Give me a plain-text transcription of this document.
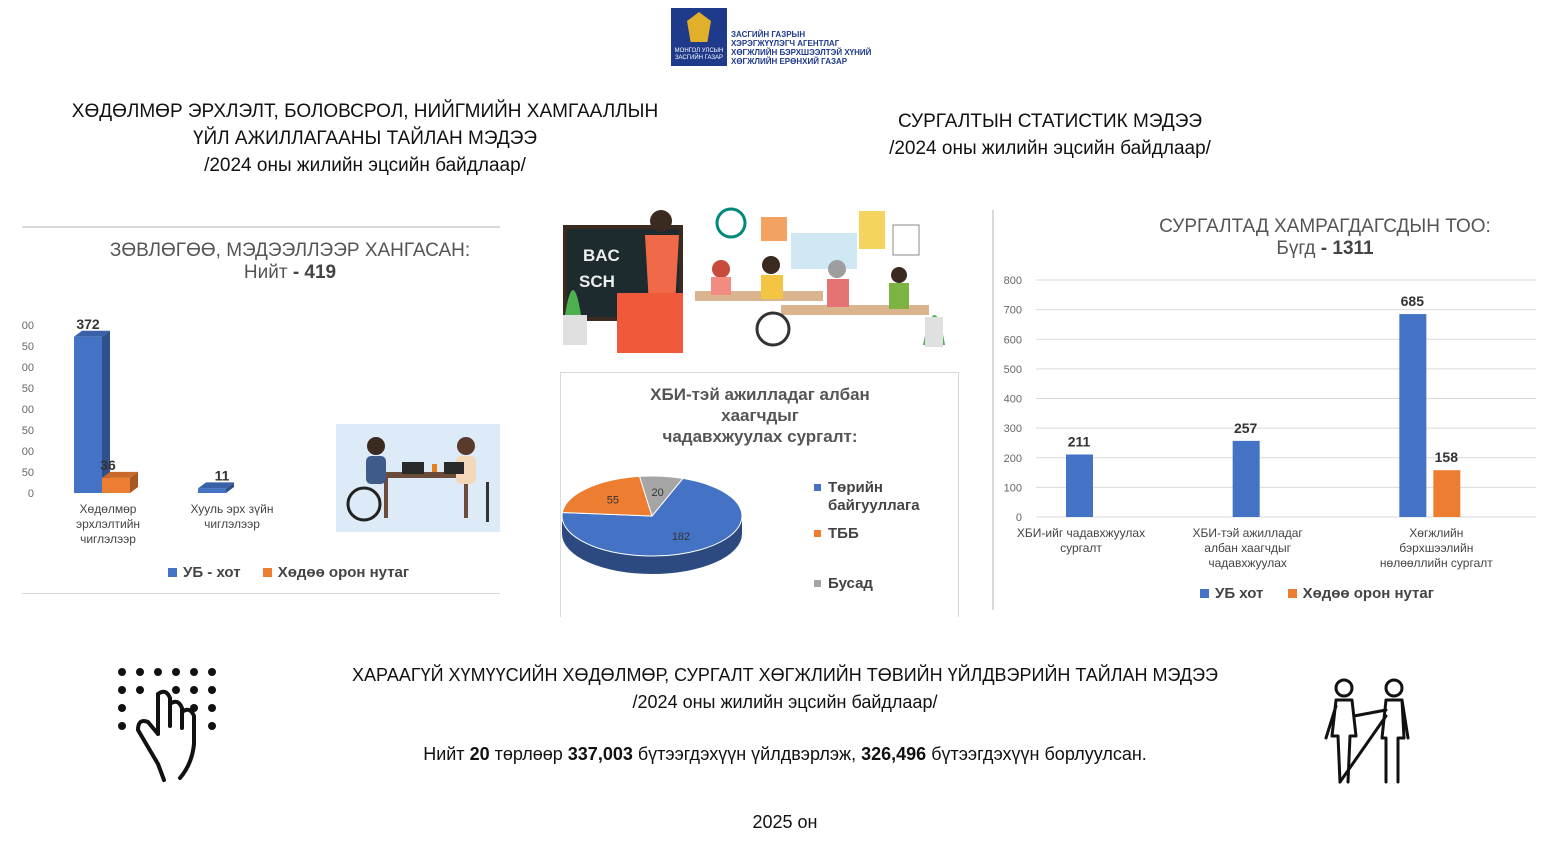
МОНГОЛ УЛСЫН
ЗАСГИЙН ГАЗАР
ЗАСГИЙН ГАЗРЫН
ХЭРЭГЖҮҮЛЭГЧ АГЕНТЛАГ
ХӨГЖЛИЙН БЭРХШЭЭЛТЭЙ ХҮНИЙ
ХӨГЖЛИЙН ЕРӨНХИЙ ГАЗАР
ХӨДӨЛМӨР ЭРХЛЭЛТ, БОЛОВСРОЛ, НИЙГМИЙН ХАМГААЛЛЫН
ҮЙЛ АЖИЛЛАГААНЫ ТАЙЛАН МЭДЭЭ
/2024 оны жилийн эцсийн байдлаар/
СУРГАЛТЫН СТАТИСТИК МЭДЭЭ
/2024 оны жилийн эцсийн байдлаар/
ЗӨВЛӨГӨӨ, МЭДЭЭЛЛЭЭР ХАНГАСАН:
Нийт - 419
00
50
00
50
00
50
00
50
0
372
36
11
Хөдөлмөр
эрхлэлтийн
чиглэлээр
Хууль эрх зүйн
чиглэлээр
УБ - хот Хөдөө орон нутаг
BAC
SCH
ХБИ-тэй ажилладаг албан
хаагчдыг
чадавхжуулах сургалт:
182
55
20	Төрийн
байгууллага
ТББ
Бусад
СУРГАЛТАД ХАМРАГДАГСДЫН ТОО:
Бүгд - 1311
0
100
200
300
400
500
600
700
800
211
ХБИ-ийг чадавхжуулах
сургалт
257
ХБИ-тэй ажилладаг
албан хаагчдыг
чадавхжуулах
685
158
Хөгжлийн
бэрхшээлийн
нөлөөллийн сургалт
УБ хот	Хөдөө орон нутаг
ХАРААГҮЙ ХҮМҮҮСИЙН ХӨДӨЛМӨР, СУРГАЛТ ХӨГЖЛИЙН ТӨВИЙН ҮЙЛДВЭРИЙН ТАЙЛАН МЭДЭЭ
/2024 оны жилийн эцсийн байдлаар/
Нийт 20 төрлөөр 337,003 бүтээгдэхүүн үйлдвэрлэж, 326,496 бүтээгдэхүүн борлуулсан.
2025 он
